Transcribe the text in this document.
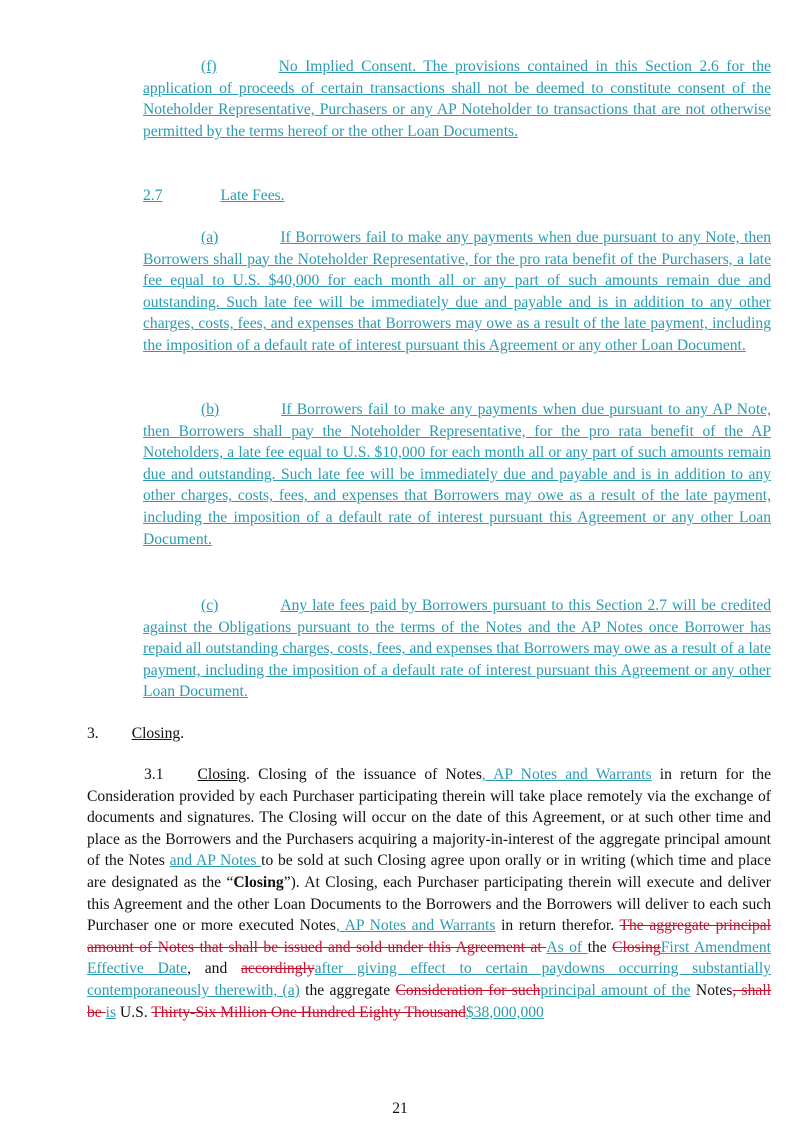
(f)	No Implied Consent. The provisions contained in this Section 2.6 for the application of proceeds of certain transactions shall not be deemed to constitute consent of the Noteholder Representative, Purchasers or any AP Noteholder to transactions that are not otherwise permitted by the terms hereof or the other Loan Documents.

2.7	Late Fees.

(a)	If Borrowers fail to make any payments when due pursuant to any Note, then Borrowers shall pay the Noteholder Representative, for the pro rata benefit of the Purchasers, a late fee equal to U.S. $40,000 for each month all or any part of such amounts remain due and outstanding. Such late fee will be immediately due and payable and is in addition to any other charges, costs, fees, and expenses that Borrowers may owe as a result of the late payment, including the imposition of a default rate of interest pursuant this Agreement or any other Loan Document.

(b)	If Borrowers fail to make any payments when due pursuant to any AP Note, then Borrowers shall pay the Noteholder Representative, for the pro rata benefit of the AP Noteholders, a late fee equal to U.S. $10,000 for each month all or any part of such amounts remain due and outstanding. Such late fee will be immediately due and payable and is in addition to any other charges, costs, fees, and expenses that Borrowers may owe as a result of the late payment, including the imposition of a default rate of interest pursuant this Agreement or any other Loan Document.

(c)	Any late fees paid by Borrowers pursuant to this Section 2.7 will be credited against the Obligations pursuant to the terms of the Notes and the AP Notes once Borrower has repaid all outstanding charges, costs, fees, and expenses that Borrowers may owe as a result of a late payment, including the imposition of a default rate of interest pursuant this Agreement or any other Loan Document.

3. Closing.

3.1 Closing. Closing of the issuance of Notes, AP Notes and Warrants in return for the Consideration provided by each Purchaser participating therein will take place remotely via the exchange of documents and signatures. The Closing will occur on the date of this Agreement, or at such other time and place as the Borrowers and the Purchasers acquiring a majority-in-interest of the aggregate principal amount of the Notes and AP Notes to be sold at such Closing agree upon orally or in writing (which time and place are designated as the “Closing”). At Closing, each Purchaser participating therein will execute and deliver this Agreement and the other Loan Documents to the Borrowers and the Borrowers will deliver to each such Purchaser one or more executed Notes, AP Notes and Warrants in return therefor. The aggregate principal amount of Notes that shall be issued and sold under this Agreement at As of the ClosingFirst Amendment Effective Date, and accordinglyafter giving effect to certain paydowns occurring substantially contemporaneously therewith, (a) the aggregate Consideration for suchprincipal amount of the Notes, shall be is U.S. Thirty-Six Million One Hundred Eighty Thousand$38,000,000

21
